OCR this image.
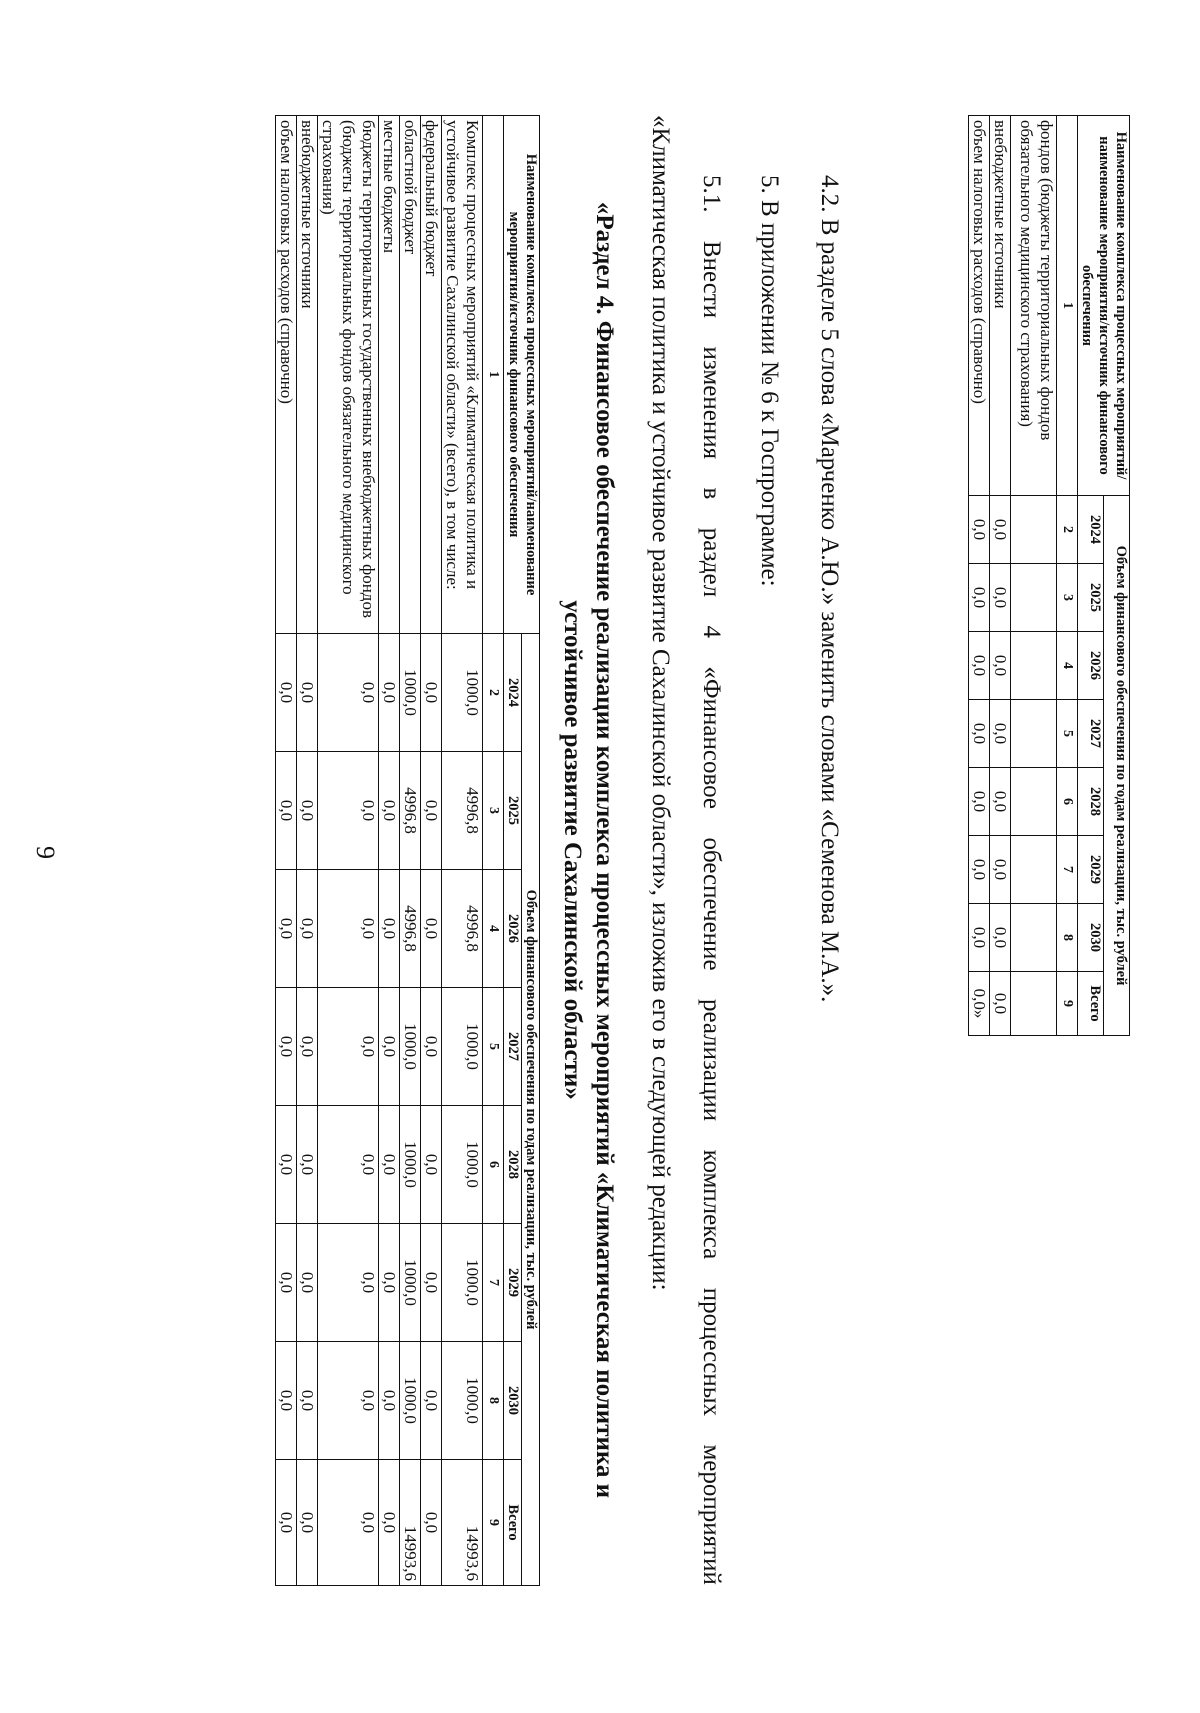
9
Наименование комплекса процессных мероприятий/наименование мероприятия/источник финансового обеспечения	Объем финансового обеспечения по годам реализации, тыс. рублей							
	2024	2025	2026	2027	2028	2029	2030	Всего
1	2	3	4	5	6	7	8	9
фондов (бюджеты территориальных фондов обязательного медицинского страхования)								
внебюджетные источники	0,0	0,0	0,0	0,0	0,0	0,0	0,0	0,0
объем налоговых расходов (справочно)	0,0	0,0	0,0	0,0	0,0	0,0	0,0	0,0»
4.2. В разделе 5 слова «Марченко А.Ю.» заменить словами «Семенова М.А.».
5. В приложении № 6 к Госпрограмме:
5.1.
Внести
изменения
в
раздел
4
«Финансовое
обеспечение
реализации
комплекса
процессных
мероприятий
«Климатическая политика и устойчивое развитие Сахалинской области», изложив его в следующей редакции:
«Раздел 4. Финансовое обеспечение реализации комплекса процессных мероприятий «Климатическая политика и
устойчивое развитие Сахалинской области»
Наименование комплекса процессных мероприятий/наименование мероприятия/источник финансового обеспечения	Объем финансового обеспечения по годам реализации, тыс. рублей							
	2024	2025	2026	2027	2028	2029	2030	Всего
1	2	3	4	5	6	7	8	9
Комплекс процессных мероприятий «Климатическая политика и устойчивое развитие Сахалинской области» (всего), в том числе:	1000,0	4996,8	4996,8	1000,0	1000,0	1000,0	1000,0	14993,6
федеральный бюджет	0,0	0,0	0,0	0,0	0,0	0,0	0,0	0,0
областной бюджет	1000,0	4996,8	4996,8	1000,0	1000,0	1000,0	1000,0	14993,6
местные бюджеты	0,0	0,0	0,0	0,0	0,0	0,0	0,0	0,0
бюджеты территориальных государственных внебюджетных фондов (бюджеты территориальных фондов обязательного медицинского страхования)	0,0	0,0	0,0	0,0	0,0	0,0	0,0	0,0
внебюджетные источники	0,0	0,0	0,0	0,0	0,0	0,0	0,0	0,0
объем налоговых расходов (справочно)	0,0	0,0	0,0	0,0	0,0	0,0	0,0	0,0
